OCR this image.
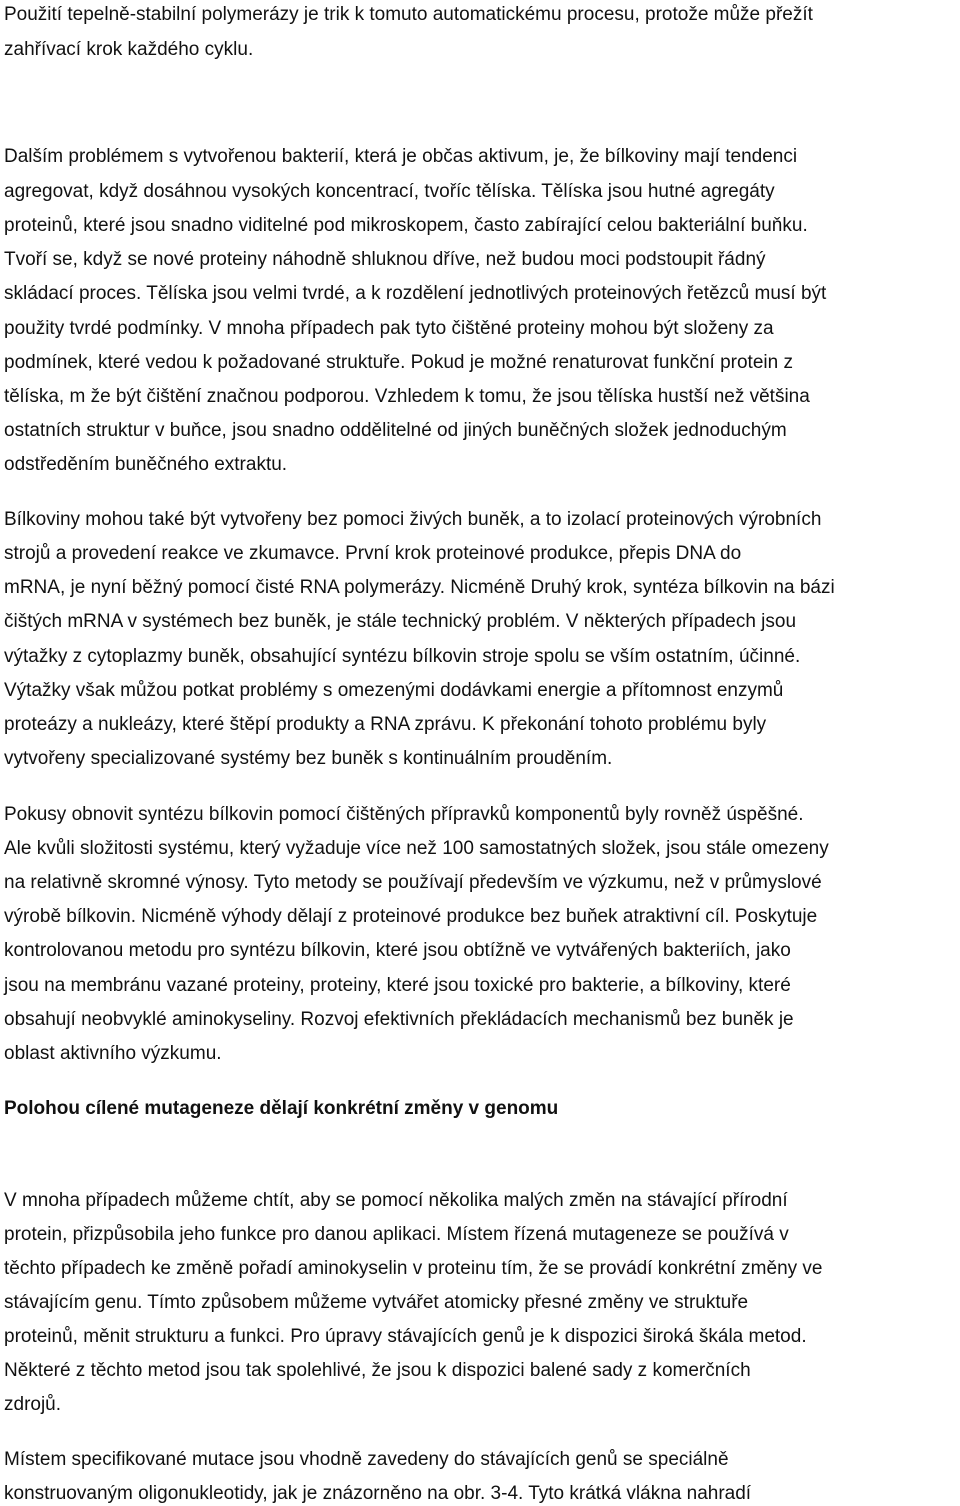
Použití tepelně-stabilní polymerázy je trik k tomuto automatickému procesu, protože může přežít
zahřívací krok každého cyklu.
Dalším problémem s vytvořenou bakterií, která je občas aktivum, je, že bílkoviny mají tendenci
agregovat, když dosáhnou vysokých koncentrací, tvoříc tělíska. Tělíska jsou hutné agregáty
proteinů, které jsou snadno viditelné pod mikroskopem, často zabírající celou bakteriální buňku.
Tvoří se, když se nové proteiny náhodně shluknou dříve, než budou moci podstoupit řádný
skládací proces. Tělíska jsou velmi tvrdé, a k rozdělení jednotlivých proteinových řetězců musí být
použity tvrdé podmínky. V mnoha případech pak tyto čištěné proteiny mohou být složeny za
podmínek, které vedou k požadované struktuře. Pokud je možné renaturovat funkční protein z
tělíska, m že být čištění značnou podporou. Vzhledem k tomu, že jsou tělíska hustší než většina
ostatních struktur v buňce, jsou snadno oddělitelné od jiných buněčných složek jednoduchým
odstředěním buněčného extraktu.
Bílkoviny mohou také být vytvořeny bez pomoci živých buněk, a to izolací proteinových výrobních
strojů a provedení reakce ve zkumavce. První krok proteinové produkce, přepis DNA do
mRNA, je nyní běžný pomocí čisté RNA polymerázy. Nicméně Druhý krok, syntéza bílkovin na bázi
čištých mRNA v systémech bez buněk, je stále technický problém. V některých případech jsou
výtažky z cytoplazmy buněk, obsahující syntézu bílkovin stroje spolu se vším ostatním, účinné.
Výtažky však můžou potkat problémy s omezenými dodávkami energie a přítomnost enzymů
proteázy a nukleázy, které štěpí produkty a RNA zprávu. K překonání tohoto problému byly
vytvořeny specializované systémy bez buněk s kontinuálním prouděním.
Pokusy obnovit syntézu bílkovin pomocí čištěných přípravků komponentů byly rovněž úspěšné.
Ale kvůli složitosti systému, který vyžaduje více než 100 samostatných složek, jsou stále omezeny
na relativně skromné výnosy. Tyto metody se používají především ve výzkumu, než v průmyslové
výrobě bílkovin. Nicméně výhody dělají z proteinové produkce bez buňek atraktivní cíl. Poskytuje
kontrolovanou metodu pro syntézu bílkovin, které jsou obtížně ve vytvářených bakteriích, jako
jsou na membránu vazané proteiny, proteiny, které jsou toxické pro bakterie, a bílkoviny, které
obsahují neobvyklé aminokyseliny. Rozvoj efektivních překládacích mechanismů bez buněk je
oblast aktivního výzkumu.
Polohou cílené mutageneze dělají konkrétní změny v genomu
V mnoha případech můžeme chtít, aby se pomocí několika malých změn na stávající přírodní
protein, přizpůsobila jeho funkce pro danou aplikaci. Místem řízená mutageneze se používá v
těchto případech ke změně pořadí aminokyselin v proteinu tím, že se provádí konkrétní změny ve
stávajícím genu. Tímto způsobem můžeme vytvářet atomicky přesné změny ve struktuře
proteinů, měnit strukturu a funkci. Pro úpravy stávajících genů je k dispozici široká škála metod.
Některé z těchto metod jsou tak spolehlivé, že jsou k dispozici balené sady z komerčních
zdrojů.
Místem specifikované mutace jsou vhodně zavedeny do stávajících genů se speciálně
konstruovaným oligonukleotidy, jak je znázorněno na obr. 3-4. Tyto krátká vlákna nahradí
